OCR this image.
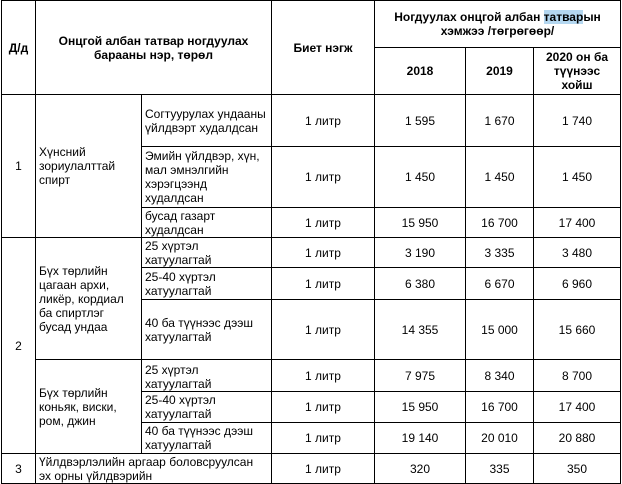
Д/д	Онцгой албан татвар ногдуулах барааны нэр, төрөл		Биет нэгж	Ногдуулах онцгой албан татварын хэмжээ /төгрөгөөр/		
				2018	2019	2020 он ба түүнээс хойш
1	Хүнсний зориулалттай спирт	Согтуурулах ундааны үйлдвэрт худалдсан	1 литр	1 595	1 670	1 740
		Эмийн үйлдвэр, хүн, мал эмнэлгийн хэрэгцээнд худалдсан	1 литр	1 450	1 450	1 450
		бусад газарт худалдсан	1 литр	15 950	16 700	17 400
2	Бүх төрлийн цагаан архи, ликёр, кордиал ба спиртлэг бусад ундаа	25 хүртэл хатуулагтай	1 литр	3 190	3 335	3 480
		25-40 хүртэл хатуулагтай	1 литр	6 380	6 670	6 960
		40 ба түүнээс дээш хатуулагтай	1 литр	14 355	15 000	15 660
	Бүх төрлийн коньяк, виски, ром, джин	25 хүртэл хатуулагтай	1 литр	7 975	8 340	8 700
		25-40 хүртэл хатуулагтай	1 литр	15 950	16 700	17 400
		40 ба түүнээс дээш хатуулагтай	1 литр	19 140	20 010	20 880
3	Үйлдвэрлэлийн аргаар боловсруулсан эх орны үйлдвэрийн		1 литр	320	335	350
